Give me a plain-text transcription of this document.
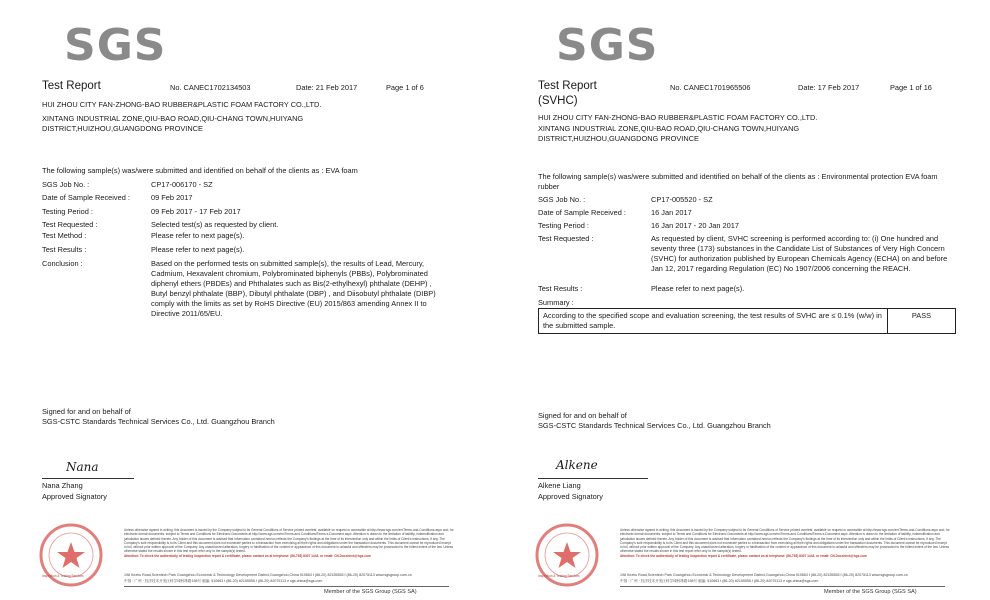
SGS
Test Report	No. CANEC1702134503	Date: 21 Feb 2017	Page 1 of 6
HUI ZHOU CITY FAN-ZHONG-BAO RUBBER&PLASTIC FOAM FACTORY CO.,LTD.
XINTANG INDUSTRIAL ZONE,QIU-BAO ROAD,QIU-CHANG TOWN,HUIYANG
DISTRICT,HUIZHOU,GUANGDONG PROVINCE
The following sample(s) was/were submitted and identified on behalf of the clients as : EVA foam
SGS Job No. :	CP17-006170 - SZ
Date of Sample Received :	09 Feb 2017
Testing Period :	09 Feb 2017 - 17 Feb 2017
Test Requested :	Selected test(s) as requested by client.
Test Method :	Please refer to next page(s).
Test Results :	Please refer to next page(s).
Conclusion :	Based on the performed tests on submitted sample(s), the results of Lead, Mercury, Cadmium, Hexavalent chromium, Polybrominated biphenyls (PBBs), Polybrominated diphenyl ethers (PBDEs) and Phthalates such as Bis(2-ethylhexyl) phthalate (DEHP) , Butyl benzyl phthalate (BBP), Dibutyl phthalate (DBP) , and Diisobutyl phthalate (DIBP) comply with the limits as set by RoHS Directive (EU) 2015/863 amending Annex II to Directive 2011/65/EU.
Signed for and on behalf of
SGS-CSTC Standards Technical Services Co., Ltd. Guangzhou Branch
Nana
Nana Zhang
Approved Signatory
Inspection & Testing Services
Unless otherwise agreed in writing, this document is issued by the Company subject to its General Conditions of Service printed overleaf, available on request or accessible at http://www.sgs.com/en/Terms-and-Conditions.aspx and, for electronic format documents, subject to Terms and Conditions for Electronic Documents at http://www.sgs.com/en/Terms-and-Conditions/Terms-e-Document.aspx. Attention is drawn to the limitation of liability, indemnification and jurisdiction issues defined therein. Any holder of this document is advised that information contained hereon reflects the Company's findings at the time of its intervention only and within the limits of Client's instructions, if any. The Company's sole responsibility is to its Client and this document does not exonerate parties to a transaction from exercising all their rights and obligations under the transaction documents. This document cannot be reproduced except in full, without prior written approval of the Company. Any unauthorized alteration, forgery or falsification of the content or appearance of this document is unlawful and offenders may be prosecuted to the fullest extent of the law. Unless otherwise stated the results shown in this test report refer only to the sample(s) tested.
Attention: To check the authenticity of testing /inspection report & certificate, please contact us at telephone: (86-755) 8307 1443, or email: CN.Doccheck@sgs.com
198 Kezhu Road,Scientech Park Guangzhou Economic & Technology Development District,Guangzhou,China 510663 t (86-20) 82155555 f (86-20) 82075113 www.sgsgroup.com.cn
中国 · 广州 · 经济技术开发区科学城科珠路198号 邮编: 510663 t (86-20) 82155555 f (86-20) 82075113 e sgs.china@sgs.com
Member of the SGS Group (SGS SA)
SGS
Test Report
(SVHC)
No. CANEC1701965506	Date: 17 Feb 2017	Page 1 of 16
HUI ZHOU CITY FAN-ZHONG-BAO RUBBER&PLASTIC FOAM FACTORY CO.,LTD.
XINTANG INDUSTRIAL ZONE,QIU-BAO ROAD,QIU-CHANG TOWN,HUIYANG
DISTRICT,HUIZHOU,GUANGDONG PROVINCE
The following sample(s) was/were submitted and identified on behalf of the clients as : Environmental protection EVA foam rubber
SGS Job No. :	CP17-005520 - SZ
Date of Sample Received :	16 Jan 2017
Testing Period :	16 Jan 2017 - 20 Jan 2017
Test Requested :	As requested by client, SVHC screening is performed according to: (i) One hundred and seventy three (173) substances in the Candidate List of Substances of Very High Concern (SVHC) for authorization published by European Chemicals Agency (ECHA) on and before Jan 12, 2017 regarding Regulation (EC) No 1907/2006 concerning the REACH.
Test Results :	Please refer to next page(s).
Summary :
According to the specified scope and evaluation screening, the test results of SVHC are ≤ 0.1% (w/w) in the submitted sample.	PASS
Signed for and on behalf of
SGS-CSTC Standards Technical Services Co., Ltd. Guangzhou Branch
Alkene
Alkene Liang
Approved Signatory
Inspection & Testing Services
Unless otherwise agreed in writing, this document is issued by the Company subject to its General Conditions of Service printed overleaf, available on request or accessible at http://www.sgs.com/en/Terms-and-Conditions.aspx and, for electronic format documents, subject to Terms and Conditions for Electronic Documents at http://www.sgs.com/en/Terms-and-Conditions/Terms-e-Document.aspx. Attention is drawn to the limitation of liability, indemnification and jurisdiction issues defined therein. Any holder of this document is advised that information contained hereon reflects the Company's findings at the time of its intervention only and within the limits of Client's instructions, if any. The Company's sole responsibility is to its Client and this document does not exonerate parties to a transaction from exercising all their rights and obligations under the transaction documents. This document cannot be reproduced except in full, without prior written approval of the Company. Any unauthorized alteration, forgery or falsification of the content or appearance of this document is unlawful and offenders may be prosecuted to the fullest extent of the law. Unless otherwise stated the results shown in this test report refer only to the sample(s) tested.
Attention: To check the authenticity of testing /inspection report & certificate, please contact us at telephone: (86-755) 8307 1443, or email: CN.Doccheck@sgs.com
198 Kezhu Road,Scientech Park Guangzhou Economic & Technology Development District,Guangzhou,China 510663 t (86-20) 82155555 f (86-20) 82075113 www.sgsgroup.com.cn
中国 · 广州 · 经济技术开发区科学城科珠路198号 邮编: 510663 t (86-20) 82155555 f (86-20) 82075113 e sgs.china@sgs.com
Member of the SGS Group (SGS SA)
